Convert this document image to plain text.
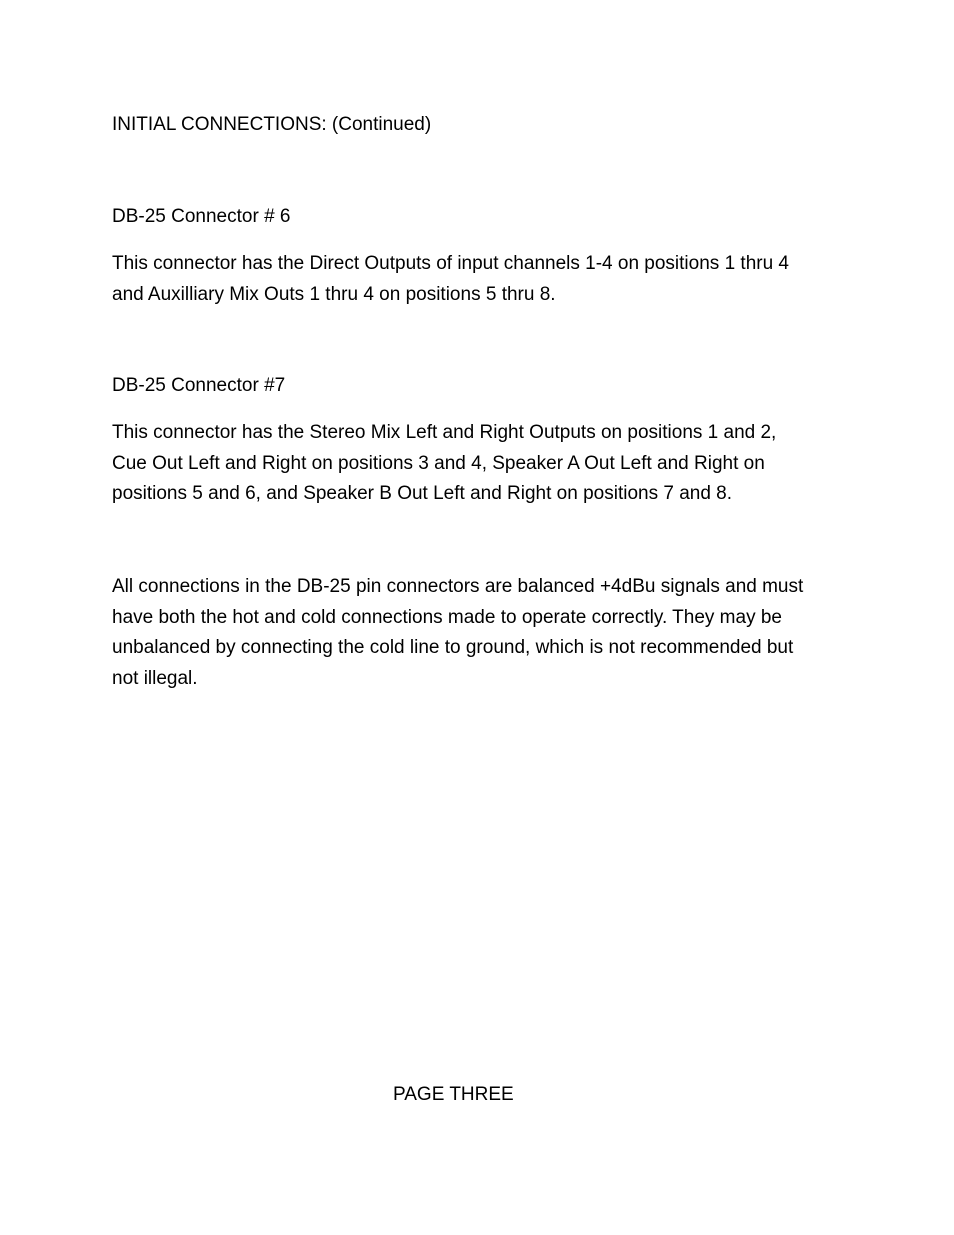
INITIAL CONNECTIONS: (Continued)
DB-25 Connector # 6
This connector has the Direct Outputs of input channels 1-4 on positions 1 thru 4
and Auxilliary Mix Outs 1 thru 4 on positions 5 thru 8.
DB-25 Connector #7
This connector has the Stereo Mix Left and Right Outputs on positions 1 and 2,
Cue Out Left and Right on positions 3 and 4, Speaker A Out Left and Right on
positions 5 and 6, and Speaker B Out Left and Right on positions 7 and 8.
All connections in the DB-25 pin connectors are balanced +4dBu signals and must
have both the hot and cold connections made to operate correctly. They may be
unbalanced by connecting the cold line to ground, which is not recommended but
not illegal.
PAGE THREE
